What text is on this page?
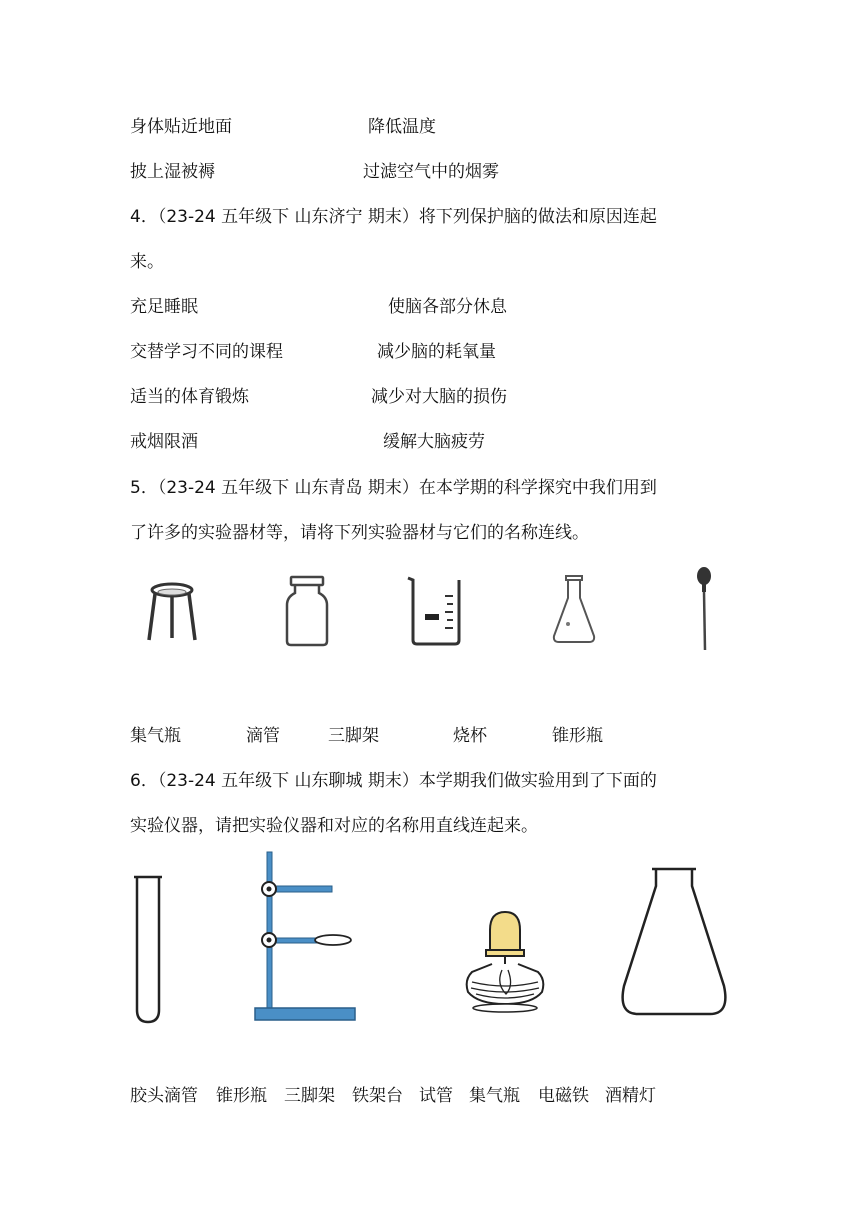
身体贴近地面	降低温度
披上湿被褥	过滤空气中的烟雾
4．（23-24 五年级下 山东济宁 期末）将下列保护脑的做法和原因连起
来。
充足睡眠	使脑各部分休息
交替学习不同的课程	减少脑的耗氧量
适当的体育锻炼	减少对大脑的损伤
戒烟限酒	缓解大脑疲劳
5．（23-24 五年级下 山东青岛 期末）在本学期的科学探究中我们用到
了许多的实验器材等，请将下列实验器材与它们的名称连线。
集气瓶	滴管	三脚架	烧杯	锥形瓶
6．（23-24 五年级下 山东聊城 期末）本学期我们做实验用到了下面的
实验仪器，请把实验仪器和对应的名称用直线连起来。
胶头滴管 锥形瓶 三脚架 铁架台 试管 集气瓶 电磁铁 酒精灯
